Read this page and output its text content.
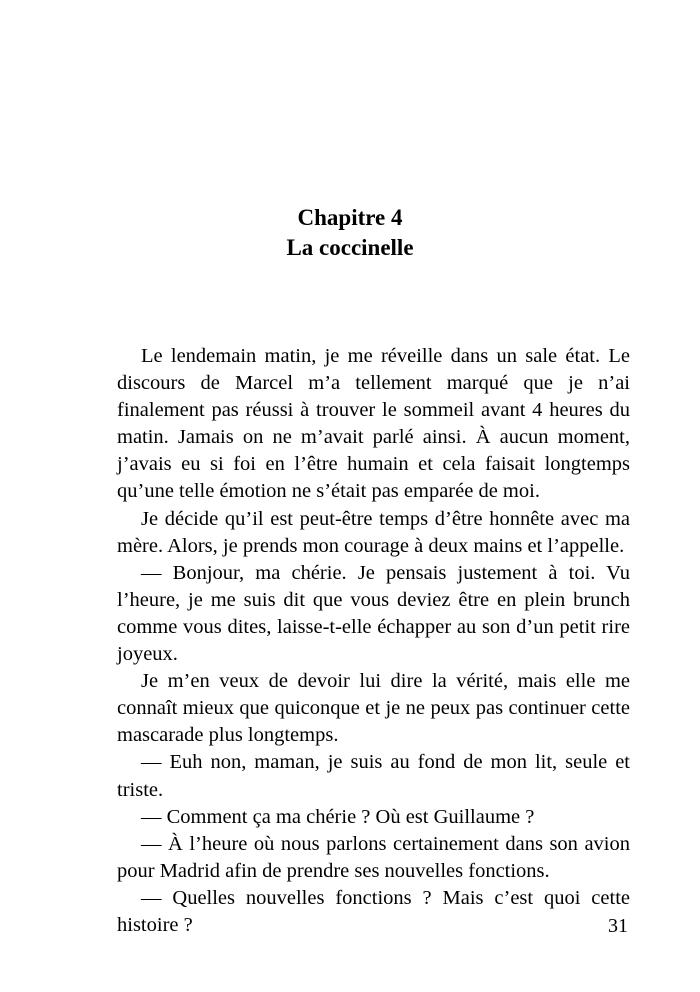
Chapitre 4
La coccinelle

Le lendemain matin, je me réveille dans un sale état. Le discours de Marcel m’a tellement marqué que je n’ai finalement pas réussi à trouver le sommeil avant 4 heures du matin. Jamais on ne m’avait parlé ainsi. À aucun moment, j’avais eu si foi en l’être humain et cela faisait longtemps qu’une telle émotion ne s’était pas emparée de moi.

Je décide qu’il est peut-être temps d’être honnête avec ma mère. Alors, je prends mon courage à deux mains et l’appelle.

— Bonjour, ma chérie. Je pensais justement à toi. Vu l’heure, je me suis dit que vous deviez être en plein brunch comme vous dites, laisse-t-elle échapper au son d’un petit rire joyeux.

Je m’en veux de devoir lui dire la vérité, mais elle me connaît mieux que quiconque et je ne peux pas continuer cette mascarade plus longtemps.

— Euh non, maman, je suis au fond de mon lit, seule et triste.

— Comment ça ma chérie ? Où est Guillaume ?

— À l’heure où nous parlons certainement dans son avion pour Madrid afin de prendre ses nouvelles fonctions.

— Quelles nouvelles fonctions ? Mais c’est quoi cette histoire ?	31
